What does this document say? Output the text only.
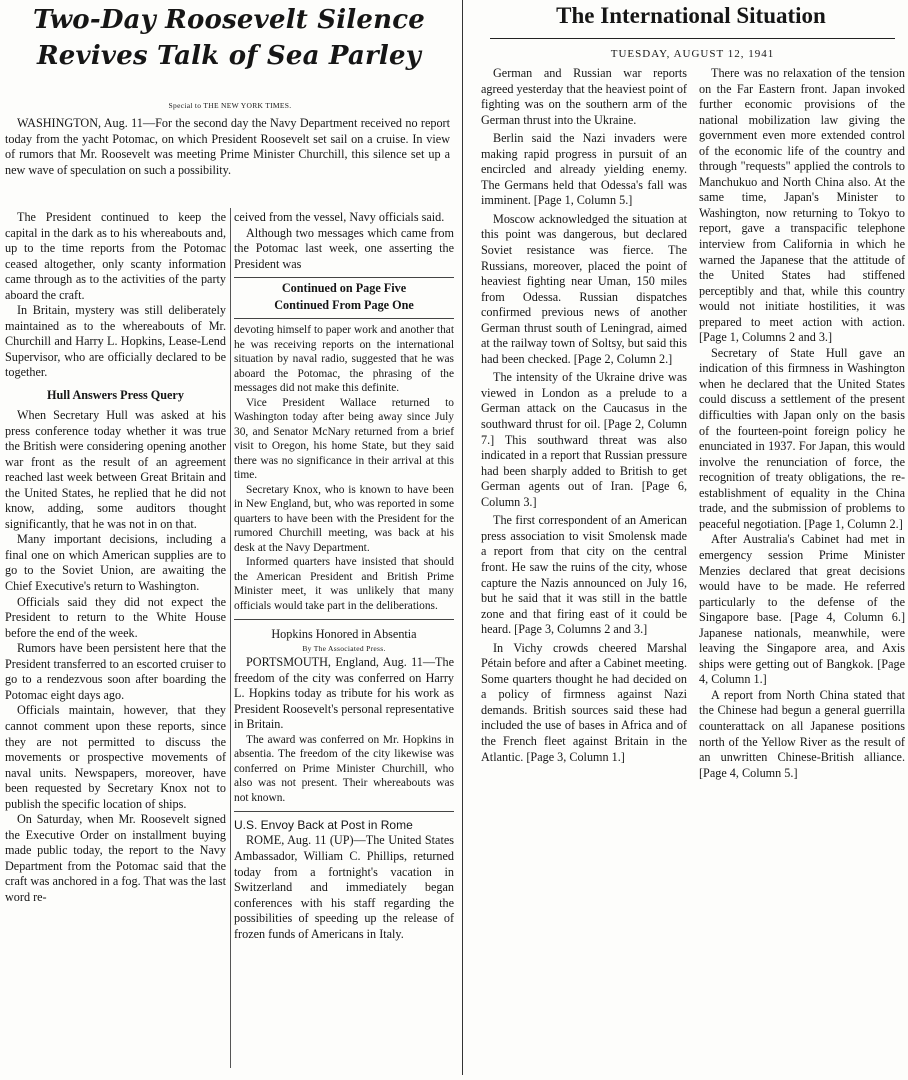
Two-Day Roosevelt Silence
Revives Talk of Sea Parley
Special to THE NEW YORK TIMES.

WASHINGTON, Aug. 11—For the second day the Navy Department received no report today from the yacht Potomac, on which President Roosevelt set sail on a cruise. In view of rumors that Mr. Roosevelt was meeting Prime Minister Churchill, this silence set up a new wave of speculation on such a possibility.

The President continued to keep the capital in the dark as to his whereabouts and, up to the time reports from the Potomac ceased altogether, only scanty information came through as to the activities of the party aboard the craft.

In Britain, mystery was still deliberately maintained as to the whereabouts of Mr. Churchill and Harry L. Hopkins, Lease-Lend Supervisor, who are officially declared to be together.

Hull Answers Press Query

When Secretary Hull was asked at his press conference today whether it was true the British were considering opening another war front as the result of an agreement reached last week between Great Britain and the United States, he replied that he did not know, adding, some auditors thought significantly, that he was not in on that.

Many important decisions, including a final one on which American supplies are to go to the Soviet Union, are awaiting the Chief Executive's return to Washington.

Officials said they did not expect the President to return to the White House before the end of the week.

Rumors have been persistent here that the President transferred to an escorted cruiser to go to a rendezvous soon after boarding the Potomac eight days ago.

Officials maintain, however, that they cannot comment upon these reports, since they are not permitted to discuss the movements or prospective movements of naval units. Newspapers, moreover, have been requested by Secretary Knox not to publish the specific location of ships.

On Saturday, when Mr. Roosevelt signed the Executive Order on installment buying made public today, the report to the Navy Department from the Potomac said that the craft was anchored in a fog. That was the last word re-

ceived from the vessel, Navy officials said.

Although two messages which came from the Potomac last week, one asserting the President was

Continued on Page Five
Continued From Page One

devoting himself to paper work and another that he was receiving reports on the international situation by naval radio, suggested that he was aboard the Potomac, the phrasing of the messages did not make this definite.

Vice President Wallace returned to Washington today after being away since July 30, and Senator McNary returned from a brief visit to Oregon, his home State, but they said there was no significance in their arrival at this time.

Secretary Knox, who is known to have been in New England, but, who was reported in some quarters to have been with the President for the rumored Churchill meeting, was back at his desk at the Navy Department.

Informed quarters have insisted that should the American President and British Prime Minister meet, it was unlikely that many officials would take part in the deliberations.

Hopkins Honored in Absentia
By The Associated Press.

PORTSMOUTH, England, Aug. 11—The freedom of the city was conferred on Harry L. Hopkins today as tribute for his work as President Roosevelt's personal representative in Britain.

The award was conferred on Mr. Hopkins in absentia. The freedom of the city likewise was conferred on Prime Minister Churchill, who also was not present. Their whereabouts was not known.

U.S. Envoy Back at Post in Rome

ROME, Aug. 11 (UP)—The United States Ambassador, William C. Phillips, returned today from a fortnight's vacation in Switzerland and immediately began conferences with his staff regarding the possibilities of speeding up the release of frozen funds of Americans in Italy.

The International Situation
TUESDAY, AUGUST 12, 1941

German and Russian war reports agreed yesterday that the heaviest point of fighting was on the southern arm of the German thrust into the Ukraine.

Berlin said the Nazi invaders were making rapid progress in pursuit of an encircled and already yielding enemy. The Germans held that Odessa's fall was imminent. [Page 1, Column 5.]

Moscow acknowledged the situation at this point was dangerous, but declared Soviet resistance was fierce. The Russians, moreover, placed the point of heaviest fighting near Uman, 150 miles from Odessa. Russian dispatches confirmed previous news of another German thrust south of Leningrad, aimed at the railway town of Soltsy, but said this had been checked. [Page 2, Column 2.]

The intensity of the Ukraine drive was viewed in London as a prelude to a German attack on the Caucasus in the southward thrust for oil. [Page 2, Column 7.] This southward threat was also indicated in a report that Russian pressure had been sharply added to British to get German agents out of Iran. [Page 6, Column 3.]

The first correspondent of an American press association to visit Smolensk made a report from that city on the central front. He saw the ruins of the city, whose capture the Nazis announced on July 16, but he said that it was still in the battle zone and that firing east of it could be heard. [Page 3, Columns 2 and 3.]

In Vichy crowds cheered Marshal Pétain before and after a Cabinet meeting. Some quarters thought he had decided on a policy of firmness against Nazi demands. British sources said these had included the use of bases in Africa and of the French fleet against Britain in the Atlantic. [Page 3, Column 1.]

There was no relaxation of the tension on the Far Eastern front. Japan invoked further economic provisions of the national mobilization law giving the government even more extended control of the economic life of the country and through "requests" applied the controls to Manchukuo and North China also. At the same time, Japan's Minister to Washington, now returning to Tokyo to report, gave a transpacific telephone interview from California in which he warned the Japanese that the attitude of the United States had stiffened perceptibly and that, while this country would not initiate hostilities, it was prepared to meet action with action. [Page 1, Columns 2 and 3.]

Secretary of State Hull gave an indication of this firmness in Washington when he declared that the United States could discuss a settlement of the present difficulties with Japan only on the basis of the fourteen-point foreign policy he enunciated in 1937. For Japan, this would involve the renunciation of force, the recognition of treaty obligations, the re-establishment of equality in the China trade, and the submission of problems to peaceful negotiation. [Page 1, Column 2.]

After Australia's Cabinet had met in emergency session Prime Minister Menzies declared that great decisions would have to be made. He referred particularly to the defense of the Singapore base. [Page 4, Column 6.] Japanese nationals, meanwhile, were leaving the Singapore area, and Axis ships were getting out of Bangkok. [Page 4, Column 1.]

A report from North China stated that the Chinese had begun a general guerrilla counterattack on all Japanese positions north of the Yellow River as the result of an unwritten Chinese-British alliance. [Page 4, Column 5.]
